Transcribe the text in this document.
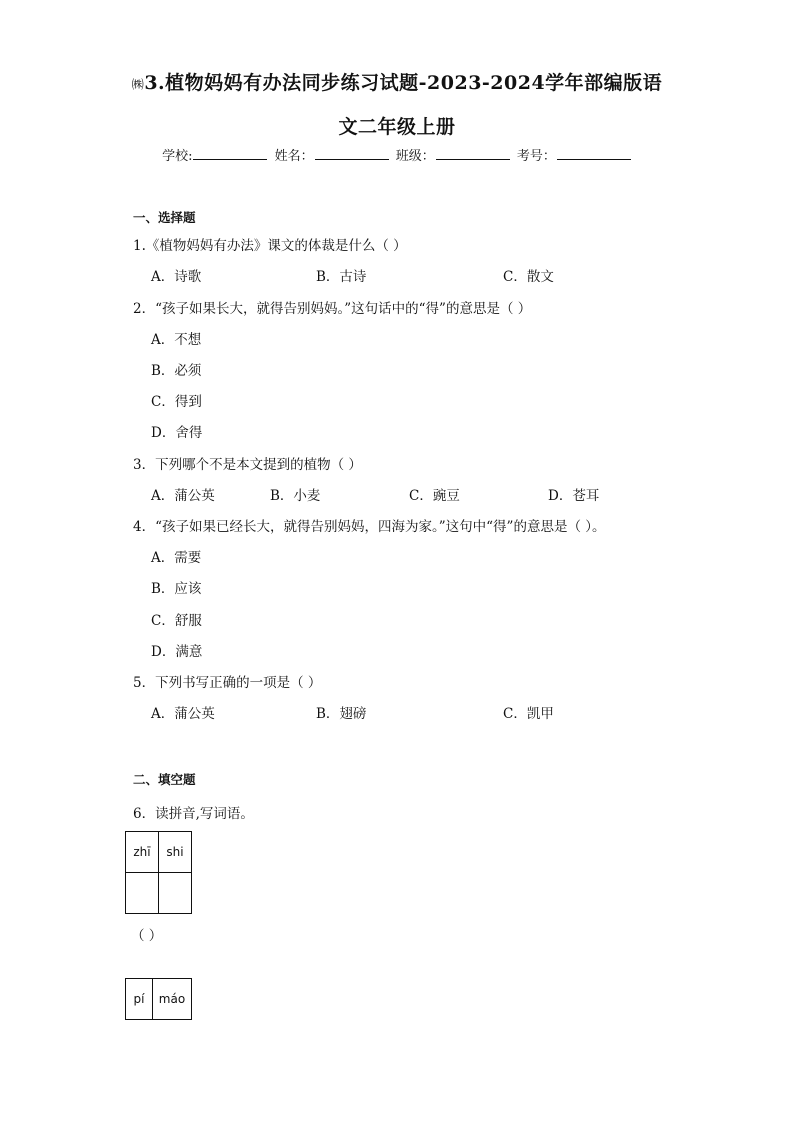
㈱3.植物妈妈有办法同步练习试题-2023-2024学年部编版语
文二年级上册
学校:	姓名：	班级：	考号：
一、选择题
1.《植物妈妈有办法》课文的体裁是什么（ ）
A．诗歌	B．古诗	C．散文
2．“孩子如果长大，就得告别妈妈。”这句话中的“得”的意思是（ ）
A．不想
B．必须
C．得到
D．舍得
3．下列哪个不是本文提到的植物（ ）
A．蒲公英	B．小麦	C．豌豆	D．苍耳
4．“孩子如果已经长大，就得告别妈妈，四海为家。”这句中“得”的意思是（ ）。
A．需要
B．应该
C．舒服
D．满意
5．下列书写正确的一项是（ ）
A．蒲公英	B．翅磅	C．凯甲
二、填空题
6．读拼音,写词语。
zhī	shi

（ ）
pí	máo
